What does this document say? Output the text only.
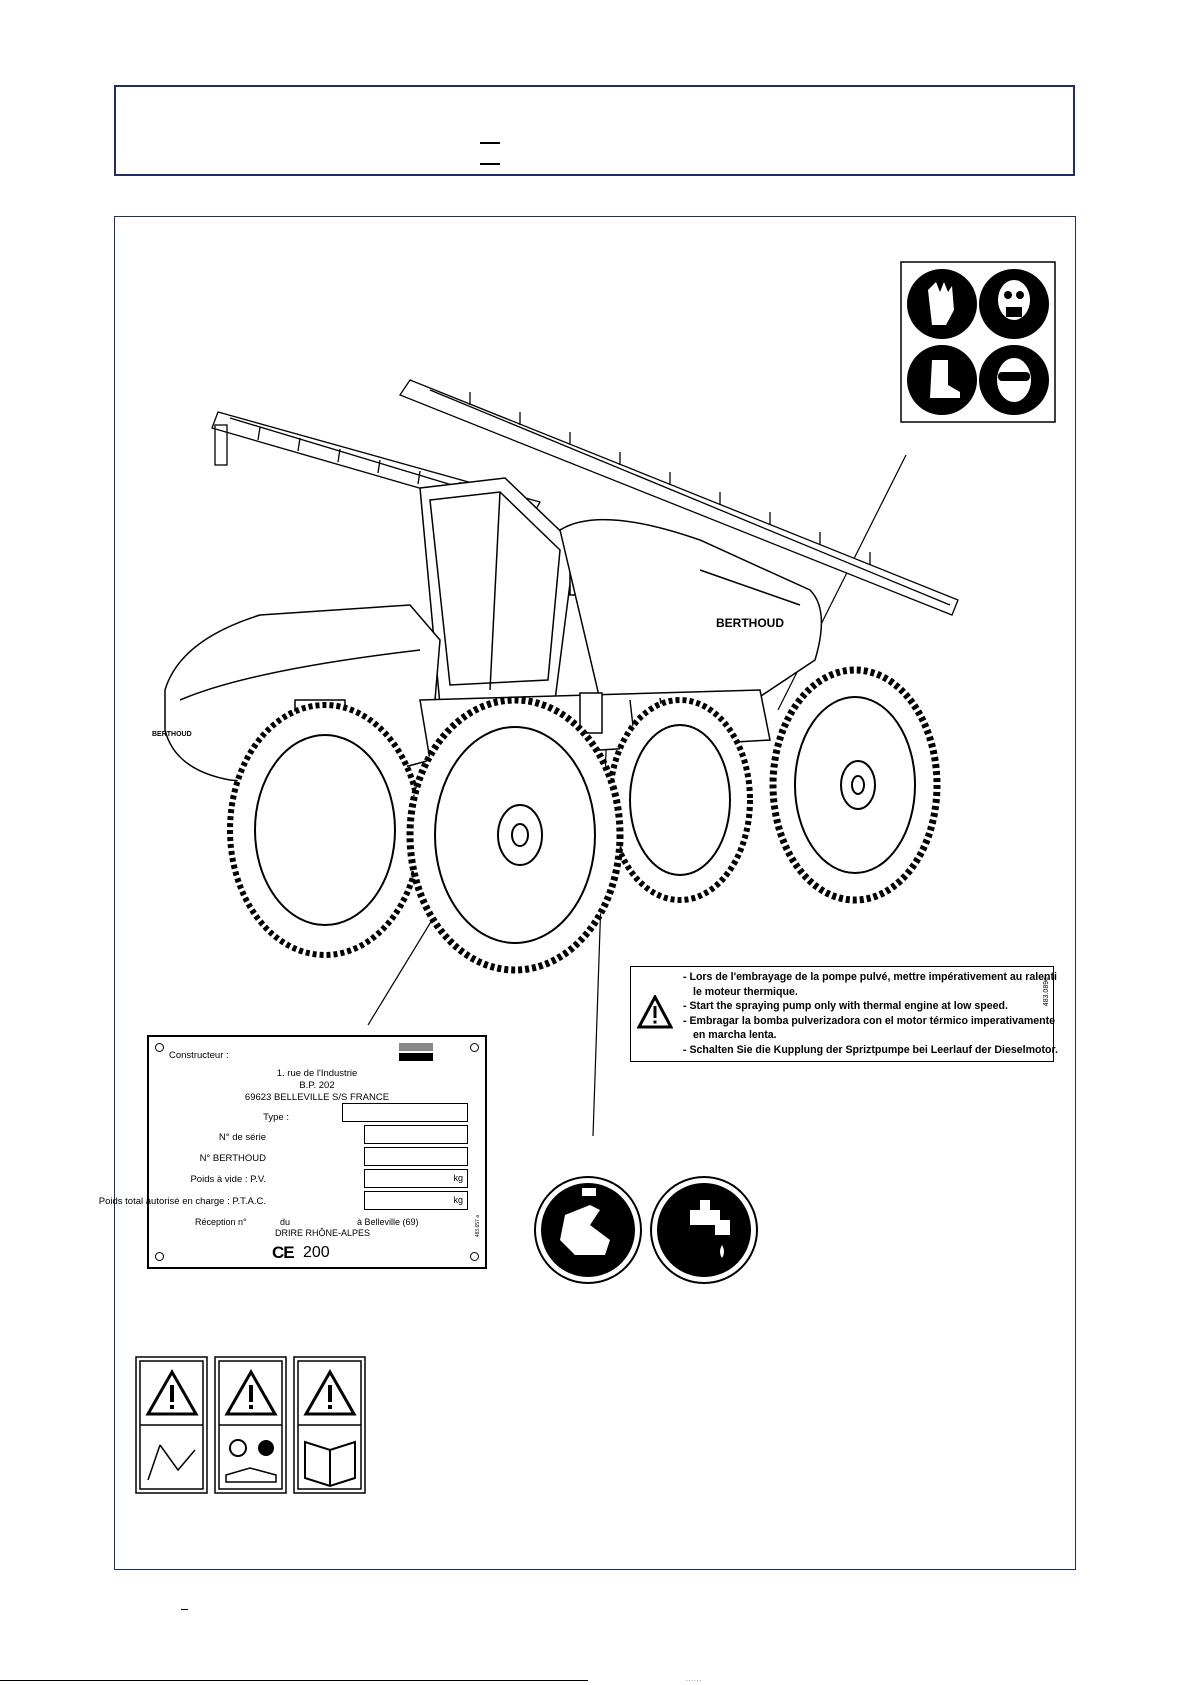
BERTHOUD
BERTHOUD
- Lors de l'embrayage de la pompe pulvé, mettre impérativement au ralenti
le moteur thermique.
- Start the spraying pump only with thermal engine at low speed.
- Embragar la bomba pulverizadora con el motor térmico imperativamente
en marcha lenta.
- Schalten Sie die Kupplung der Spriztpumpe bei Leerlauf der Dieselmotor.
483.089e
Constructeur :
1. rue de l'Industrie
B.P. 202
69623 BELLEVILLE S/S FRANCE
Type :
N° de série
N° BERTHOUD
Poids à vide : P.V.	kg
Poids total autorisé en charge : P.T.A.C.	kg
Réception n°	du	à Belleville (69)
DRIRE RHÔNE-ALPES
CE 200
483.657 a
......
